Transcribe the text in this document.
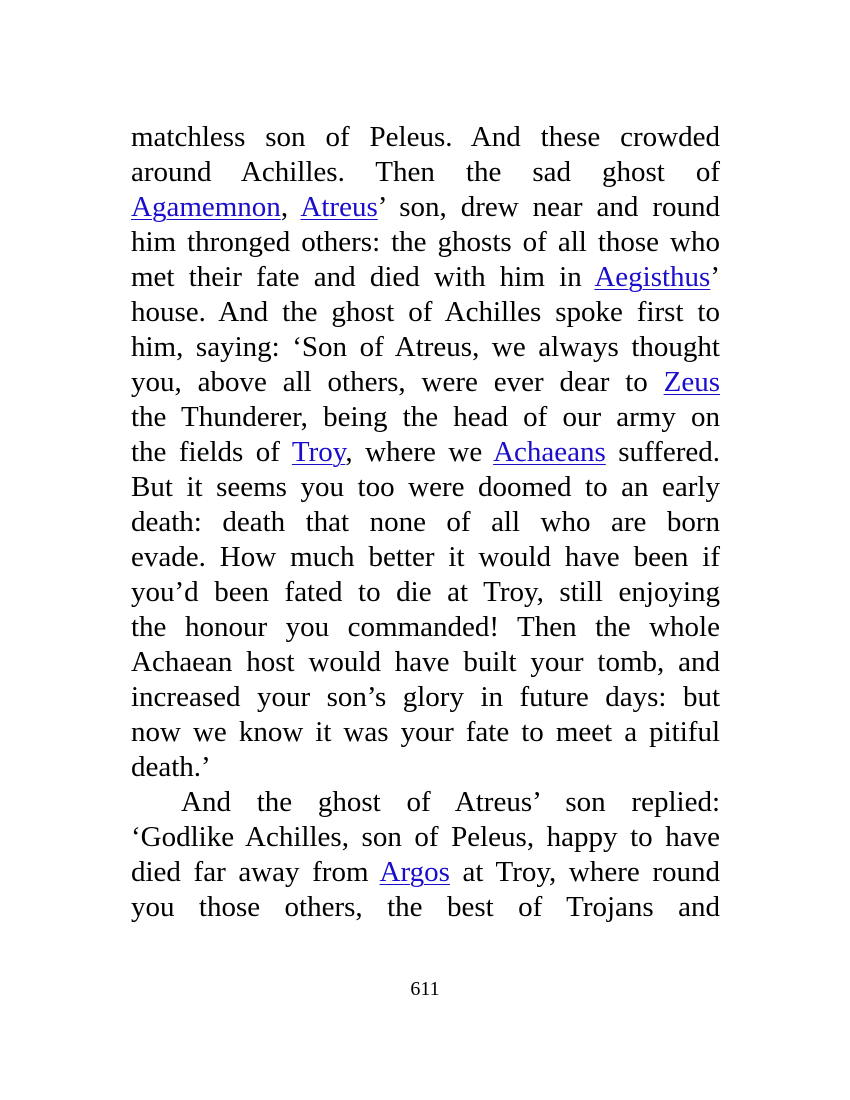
matchless son of Peleus. And these crowded
around Achilles. Then the sad ghost of
Agamemnon, Atreus’ son, drew near and round
him thronged others: the ghosts of all those who
met their fate and died with him in Aegisthus’
house. And the ghost of Achilles spoke first to
him, saying: ‘Son of Atreus, we always thought
you, above all others, were ever dear to Zeus
the Thunderer, being the head of our army on
the fields of Troy, where we Achaeans suffered.
But it seems you too were doomed to an early
death: death that none of all who are born
evade. How much better it would have been if
you’d been fated to die at Troy, still enjoying
the honour you commanded! Then the whole
Achaean host would have built your tomb, and
increased your son’s glory in future days: but
now we know it was your fate to meet a pitiful
death.’
And the ghost of Atreus’ son replied:
‘Godlike Achilles, son of Peleus, happy to have
died far away from Argos at Troy, where round
you those others, the best of Trojans and
611
